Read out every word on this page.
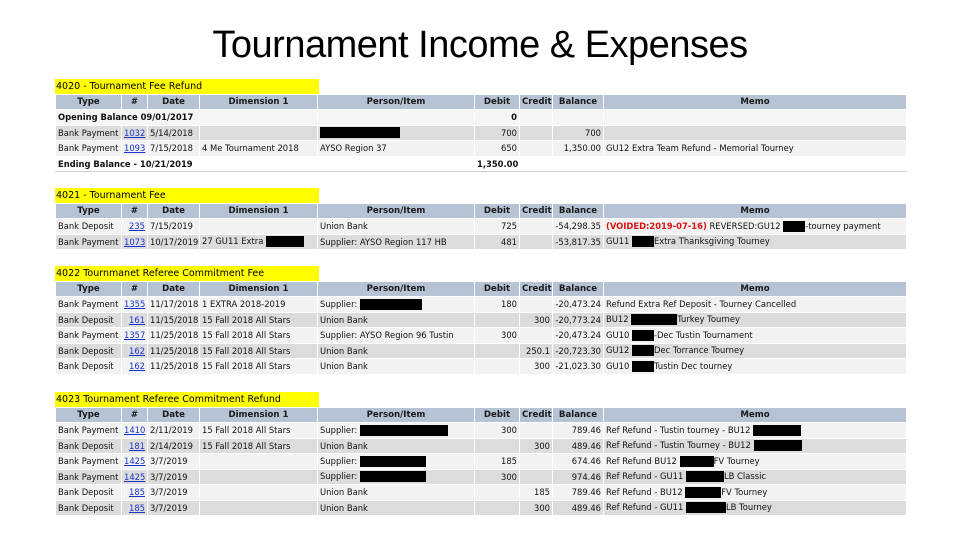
Tournament Income & Expenses
4020 - Tournament Fee Refund
Type	#	Date	Dimension 1	Person/Item	Debit	Credit	Balance	Memo
Opening Balance 09/01/2017					0			
Bank Payment	1032	5/14/2018			700		700	
Bank Payment	1093	7/15/2018	4 Me Tournament 2018	AYSO Region 37	650		1,350.00	GU12 Extra Team Refund - Memorial Tourney
Ending Balance - 10/21/2019					1,350.00			
4021 - Tournament Fee
Type	#	Date	Dimension 1	Person/Item	Debit	Credit	Balance	Memo
Bank Deposit	235	7/15/2019		Union Bank	725		-54,298.35	(VOIDED:2019-07-16) REVERSED:GU12 -tourney payment
Bank Payment	1073	10/17/2019	27 GU11 Extra	Supplier: AYSO Region 117 HB	481		-53,817.35	GU11 Extra Thanksgiving Tourney
4022 Tournmanet Referee Commitment Fee
Type	#	Date	Dimension 1	Person/Item	Debit	Credit	Balance	Memo
Bank Payment	1355	11/17/2018	1 EXTRA 2018-2019	Supplier:	180		-20,473.24	Refund Extra Ref Deposit - Tourney Cancelled
Bank Deposit	161	11/15/2018	15 Fall 2018 All Stars	Union Bank		300	-20,773.24	BU12 Turkey Tourney
Bank Payment	1357	11/25/2018	15 Fall 2018 All Stars	Supplier: AYSO Region 96 Tustin	300		-20,473.24	GU10 -Dec Tustin Tournament
Bank Deposit	162	11/25/2018	15 Fall 2018 All Stars	Union Bank		250.1	-20,723.30	GU12 Dec Torrance Tourney
Bank Deposit	162	11/25/2018	15 Fall 2018 All Stars	Union Bank		300	-21,023.30	GU10 Tustin Dec tourney
4023 Tournament Referee Commitment Refund
Type	#	Date	Dimension 1	Person/Item	Debit	Credit	Balance	Memo
Bank Payment	1410	2/11/2019	15 Fall 2018 All Stars	Supplier:	300		789.46	Ref Refund - Tustin tourney - BU12
Bank Deposit	181	2/14/2019	15 Fall 2018 All Stars	Union Bank		300	489.46	Ref Refund - Tustin Tourney - BU12
Bank Payment	1425	3/7/2019		Supplier:	185		674.46	Ref Refund BU12 FV Tourney
Bank Payment	1425	3/7/2019		Supplier:	300		974.46	Ref Refund - GU11 LB Classic
Bank Deposit	185	3/7/2019		Union Bank		185	789.46	Ref Refund - BU12 FV Tourney
Bank Deposit	185	3/7/2019		Union Bank		300	489.46	Ref Refund - GU11 LB Tourney
